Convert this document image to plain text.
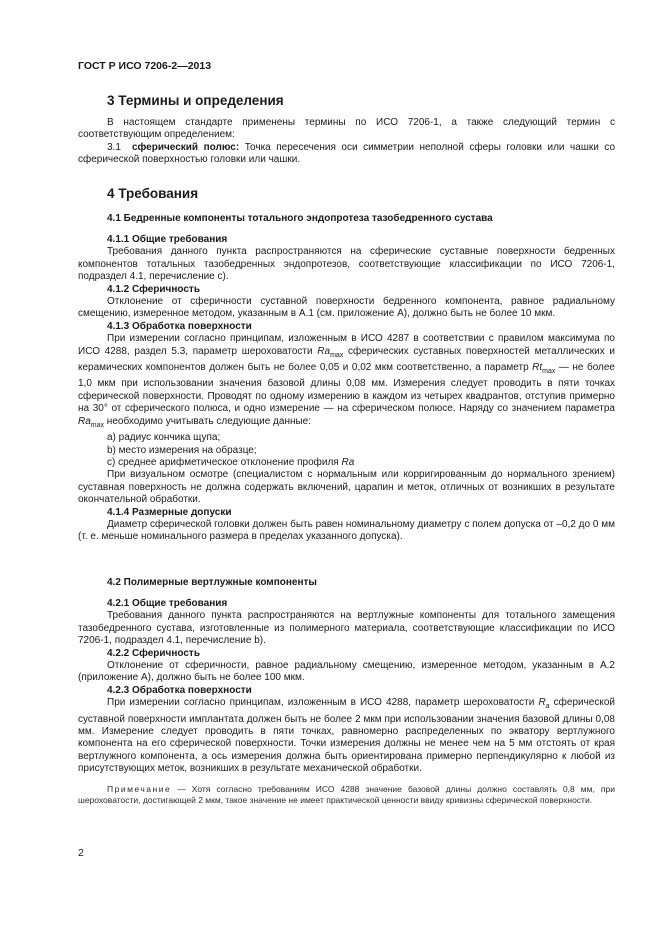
ГОСТ Р ИСО 7206-2—2013
3 Термины и определения
В настоящем стандарте применены термины по ИСО 7206-1, а также следующий термин с соответствующим определением:
3.1 сферический полюс: Точка пересечения оси симметрии неполной сферы головки или чашки со сферической поверхностью головки или чашки.
4 Требования
4.1 Бедренные компоненты тотального эндопротеза тазобедренного сустава
4.1.1 Общие требования
Требования данного пункта распространяются на сферические суставные поверхности бедренных компонентов тотальных тазобедренных эндопротезов, соответствующие классификации по ИСО 7206-1, подраздел 4.1, перечисление с).
4.1.2 Сферичность
Отклонение от сферичности суставной поверхности бедренного компонента, равное радиальному смещению, измеренное методом, указанным в А.1 (см. приложение А), должно быть не более 10 мкм.
4.1.3 Обработка поверхности
При измерении согласно принципам, изложенным в ИСО 4287 в соответствии с правилом максимума по ИСО 4288, раздел 5.3, параметр шероховатости $Ra_{max}$ сферических суставных поверхностей металлических и керамических компонентов должен быть не более 0,05 и 0,02 мкм соответственно, а параметр $Rt_{max}$ — не более 1,0 мкм при использовании значения базовой длины 0,08 мм. Измерения следует проводить в пяти точках сферической поверхности. Проводят по одному измерению в каждом из четырех квадрантов, отступив примерно на 30° от сферического полюса, и одно измерение — на сферическом полюсе. Наряду со значением параметра $Ra_{max}$ необходимо учитывать следующие данные:
а) радиус кончика щупа;
b) место измерения на образце;
с) среднее арифметическое отклонение профиля Ra
При визуальном осмотре (специалистом с нормальным или корригированным до нормального зрением) суставная поверхность не должна содержать включений, царапин и меток, отличных от возникших в результате окончательной обработки.
4.1.4 Размерные допуски
Диаметр сферической головки должен быть равен номинальному диаметру с полем допуска от –0,2 до 0 мм (т. е. меньше номинального размера в пределах указанного допуска).
4.2 Полимерные вертлужные компоненты
4.2.1 Общие требования
Требования данного пункта распространяются на вертлужные компоненты для тотального замещения тазобедренного сустава, изготовленные из полимерного материала, соответствующие классификации по ИСО 7206-1, подраздел 4.1, перечисление b).
4.2.2 Сферичность
Отклонение от сферичности, равное радиальному смещению, измеренное методом, указанным в А.2 (приложение А), должно быть не более 100 мкм.
4.2.3 Обработка поверхности
При измерении согласно принципам, изложенным в ИСО 4288, параметр шероховатости $R_a$ сферической суставной поверхности имплантата должен быть не более 2 мкм при использовании значения базовой длины 0,08 мм. Измерение следует проводить в пяти точках, равномерно распределенных по экватору вертлужного компонента на его сферической поверхности. Точки измерения должны не менее чем на 5 мм отстоять от края вертлужного компонента, а ось измерения должна быть ориентирована примерно перпендикулярно к любой из присутствующих меток, возникших в результате механической обработки.
Примечание — Хотя согласно требованиям ИСО 4288 значение базовой длины должно составлять 0,8 мм, при шероховатости, достигающей 2 мкм, такое значение не имеет практической ценности ввиду кривизны сферической поверхности.
2
